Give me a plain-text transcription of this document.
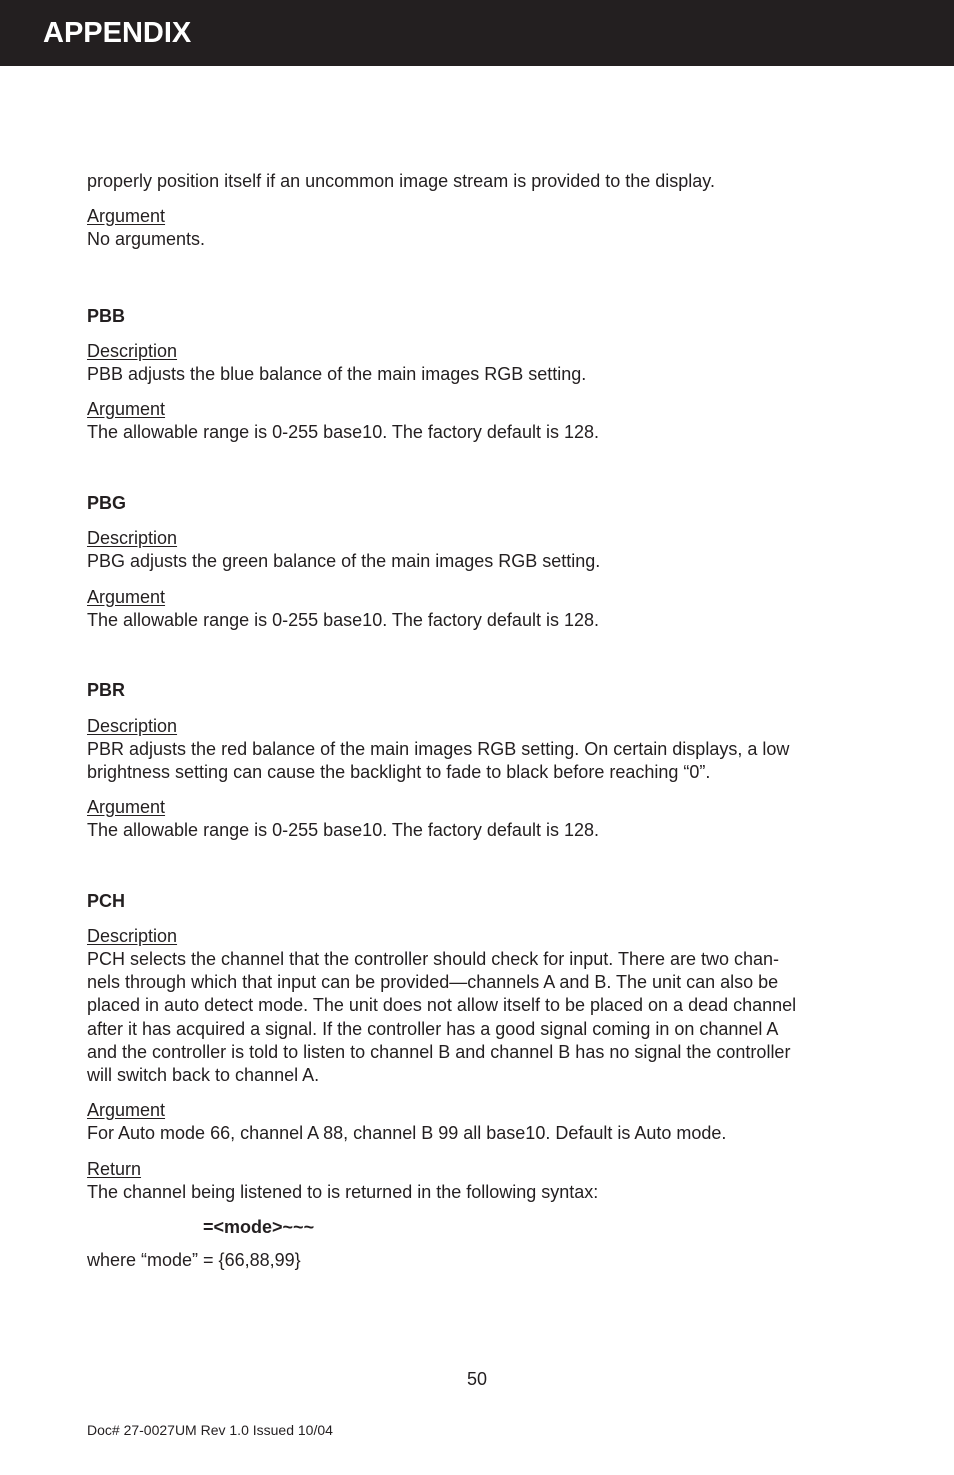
APPENDIX

properly position itself if an uncommon image stream is provided to the display.

Argument

No arguments.

PBB

Description

PBB adjusts the blue balance of the main images RGB setting.

Argument

The allowable range is 0-255 base10. The factory default is 128.

PBG

Description

PBG adjusts the green balance of the main images RGB setting.

Argument

The allowable range is 0-255 base10. The factory default is 128.

PBR

Description

PBR adjusts the red balance of the main images RGB setting. On certain displays, a low

brightness setting can cause the backlight to fade to black before reaching “0”.

Argument

The allowable range is 0-255 base10. The factory default is 128.

PCH

Description

PCH selects the channel that the controller should check for input. There are two chan-

nels through which that input can be provided—channels A and B. The unit can also be

placed in auto detect mode. The unit does not allow itself to be placed on a dead channel

after it has acquired a signal. If the controller has a good signal coming in on channel A

and the controller is told to listen to channel B and channel B has no signal the controller

will switch back to channel A.

Argument

For Auto mode 66, channel A 88, channel B 99 all base10. Default is Auto mode.

Return

The channel being listened to is returned in the following syntax:

=<mode>~~~

where “mode” = {66,88,99}

50
Doc# 27-0027UM Rev 1.0 Issued 10/04
